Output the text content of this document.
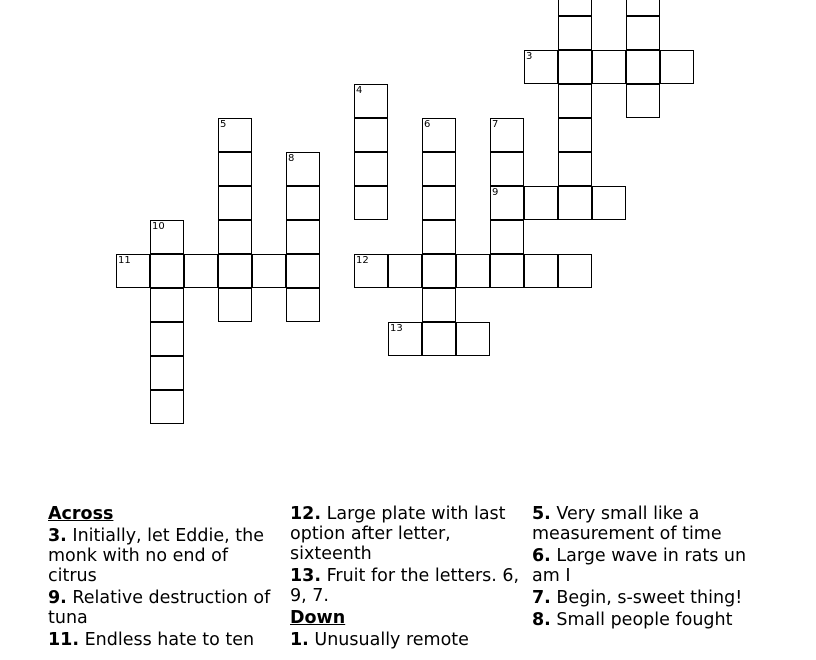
3
4
5	6	7
8
9
10
11	12
13
Across
3. Initially, let Eddie, the monk with no end of citrus
9. Relative destruction of tuna
11. Endless hate to ten
12. Large plate with last option after letter, sixteenth
13. Fruit for the letters. 6, 9, 7.
Down
1. Unusually remote
5. Very small like a measurement of time
6. Large wave in rats un am I
7. Begin, s-sweet thing!
8. Small people fought
